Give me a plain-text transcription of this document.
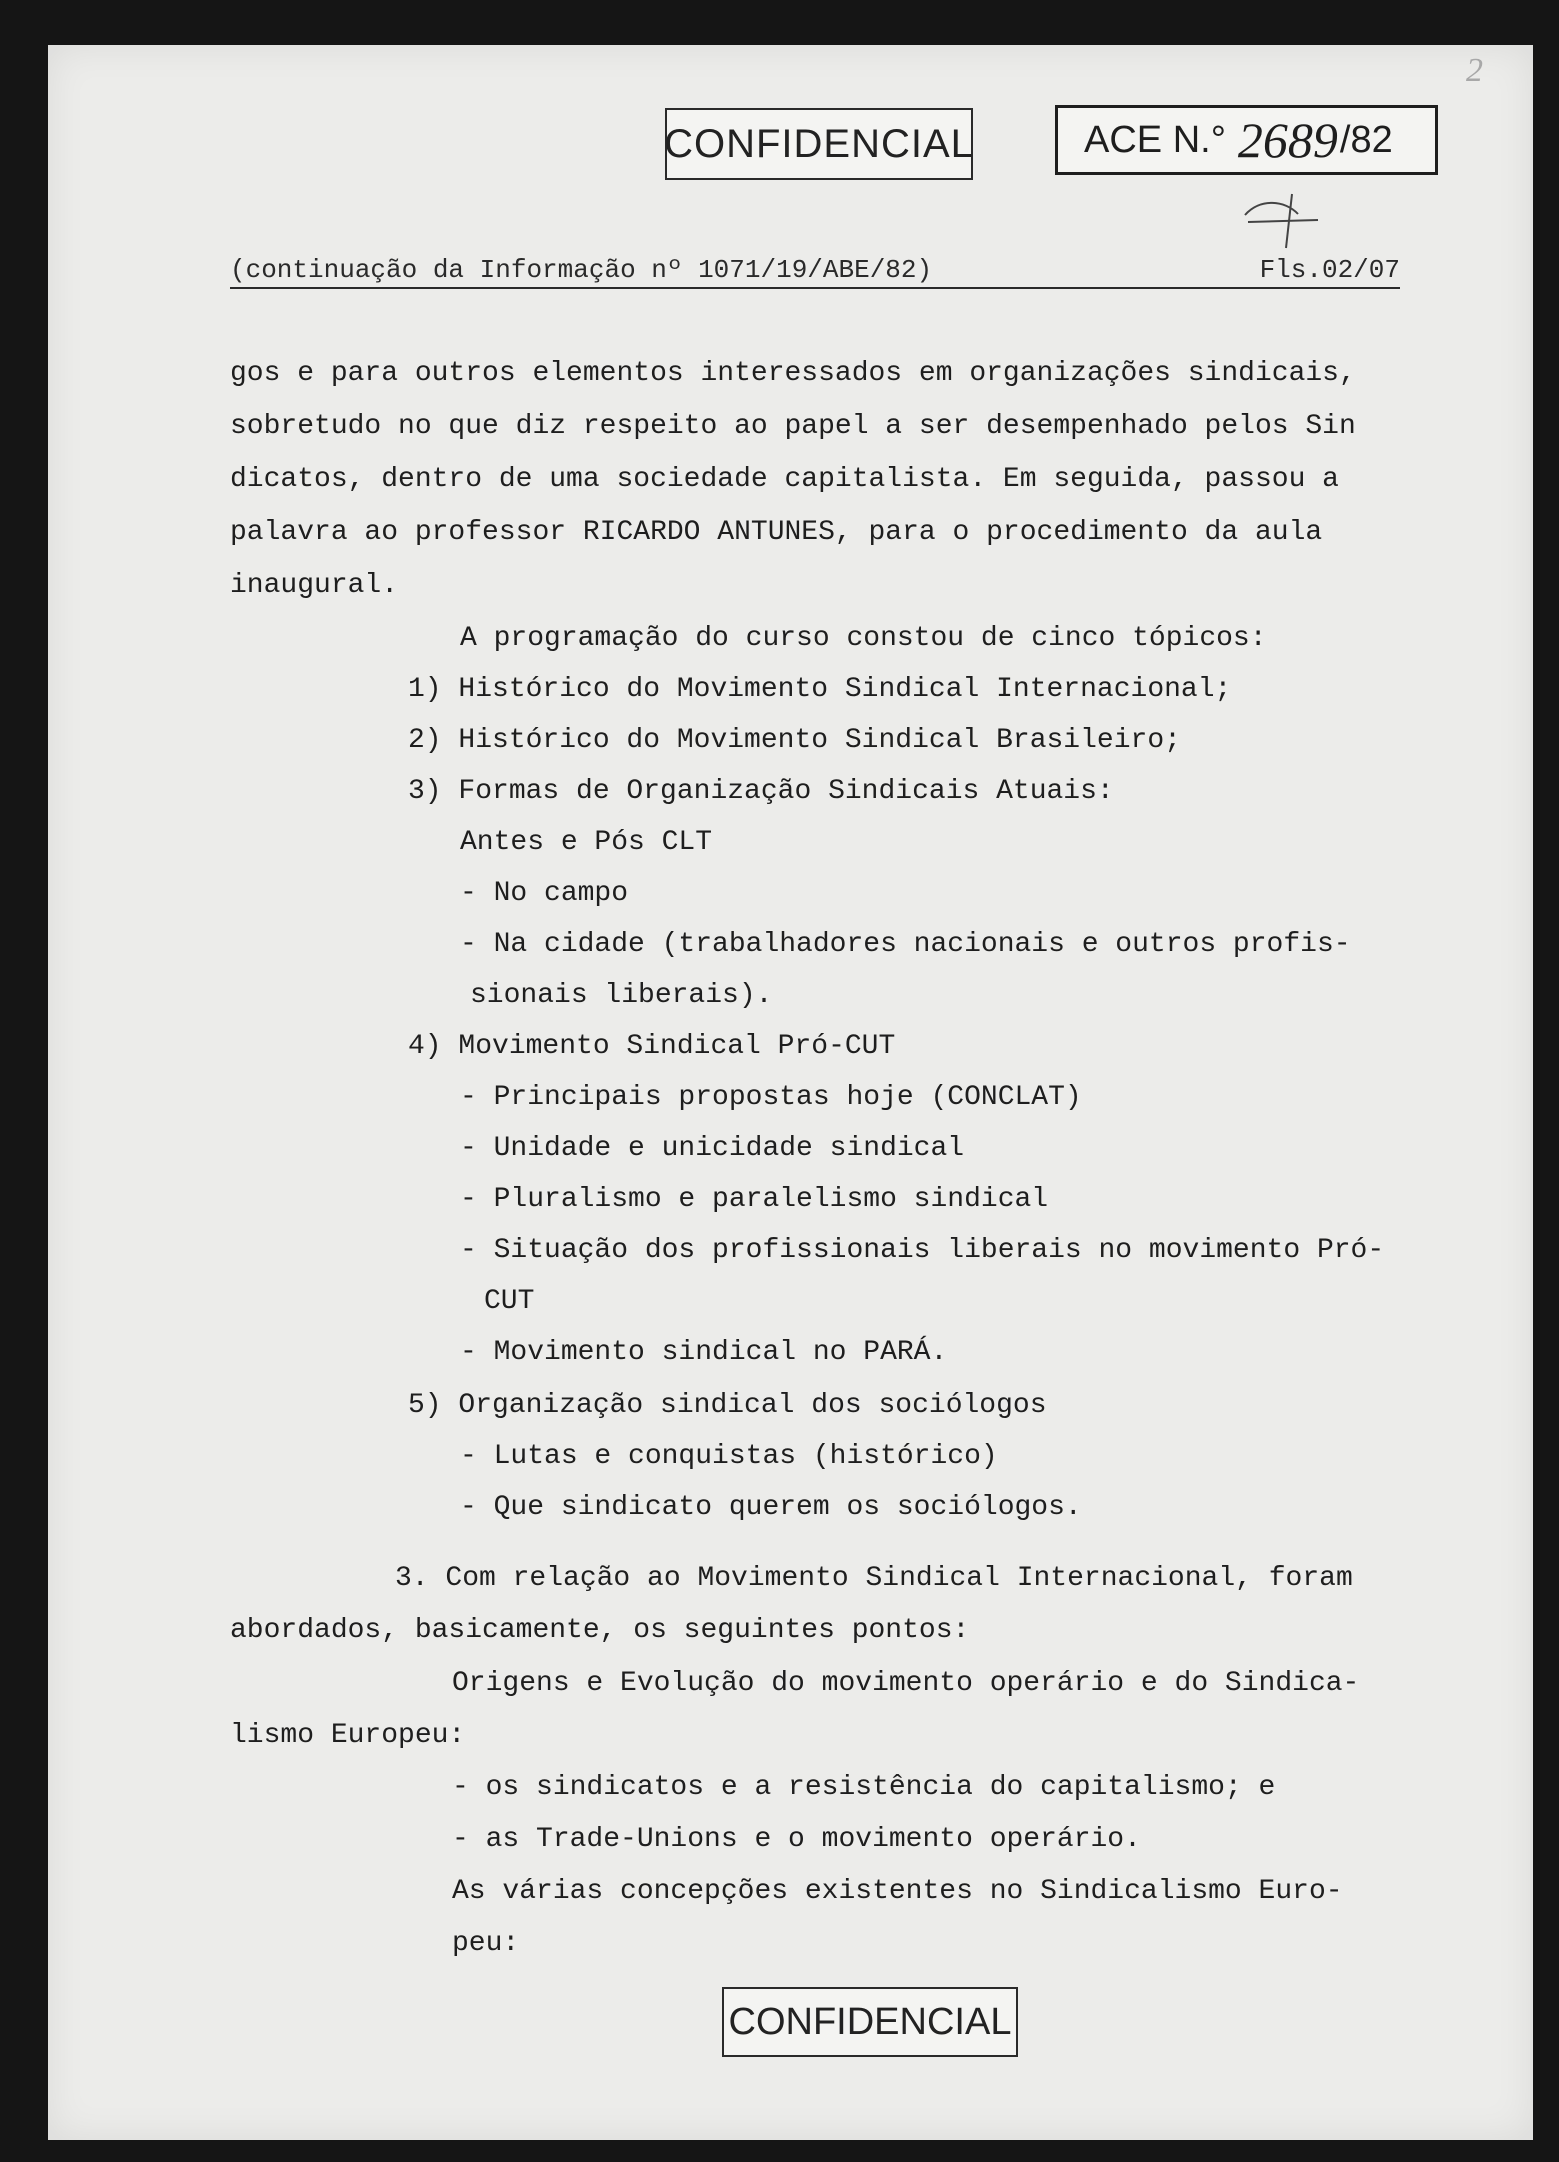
2
CONFIDENCIAL	ACE N.° 2689 /82
(continuação da Informação nº 1071/19/ABE/82)	Fls.02/07
gos e para outros elementos interessados em organizações sindicais,
sobretudo no que diz respeito ao papel a ser desempenhado pelos Sin
dicatos, dentro de uma sociedade capitalista. Em seguida, passou a
palavra ao professor RICARDO ANTUNES, para o procedimento da aula
inaugural.
A programação do curso constou de cinco tópicos:
1) Histórico do Movimento Sindical Internacional;
2) Histórico do Movimento Sindical Brasileiro;
3) Formas de Organização Sindicais Atuais:
Antes e Pós CLT
- No campo
- Na cidade (trabalhadores nacionais e outros profis-
sionais liberais).
4) Movimento Sindical Pró-CUT
- Principais propostas hoje (CONCLAT)
- Unidade e unicidade sindical
- Pluralismo e paralelismo sindical
- Situação dos profissionais liberais no movimento Pró-
CUT
- Movimento sindical no PARÁ.
5) Organização sindical dos sociólogos
- Lutas e conquistas (histórico)
- Que sindicato querem os sociólogos.
3. Com relação ao Movimento Sindical Internacional, foram
abordados, basicamente, os seguintes pontos:
Origens e Evolução do movimento operário e do Sindica-
lismo Europeu:
- os sindicatos e a resistência do capitalismo; e
- as Trade-Unions e o movimento operário.
As várias concepções existentes no Sindicalismo Euro-
peu:
CONFIDENCIAL
